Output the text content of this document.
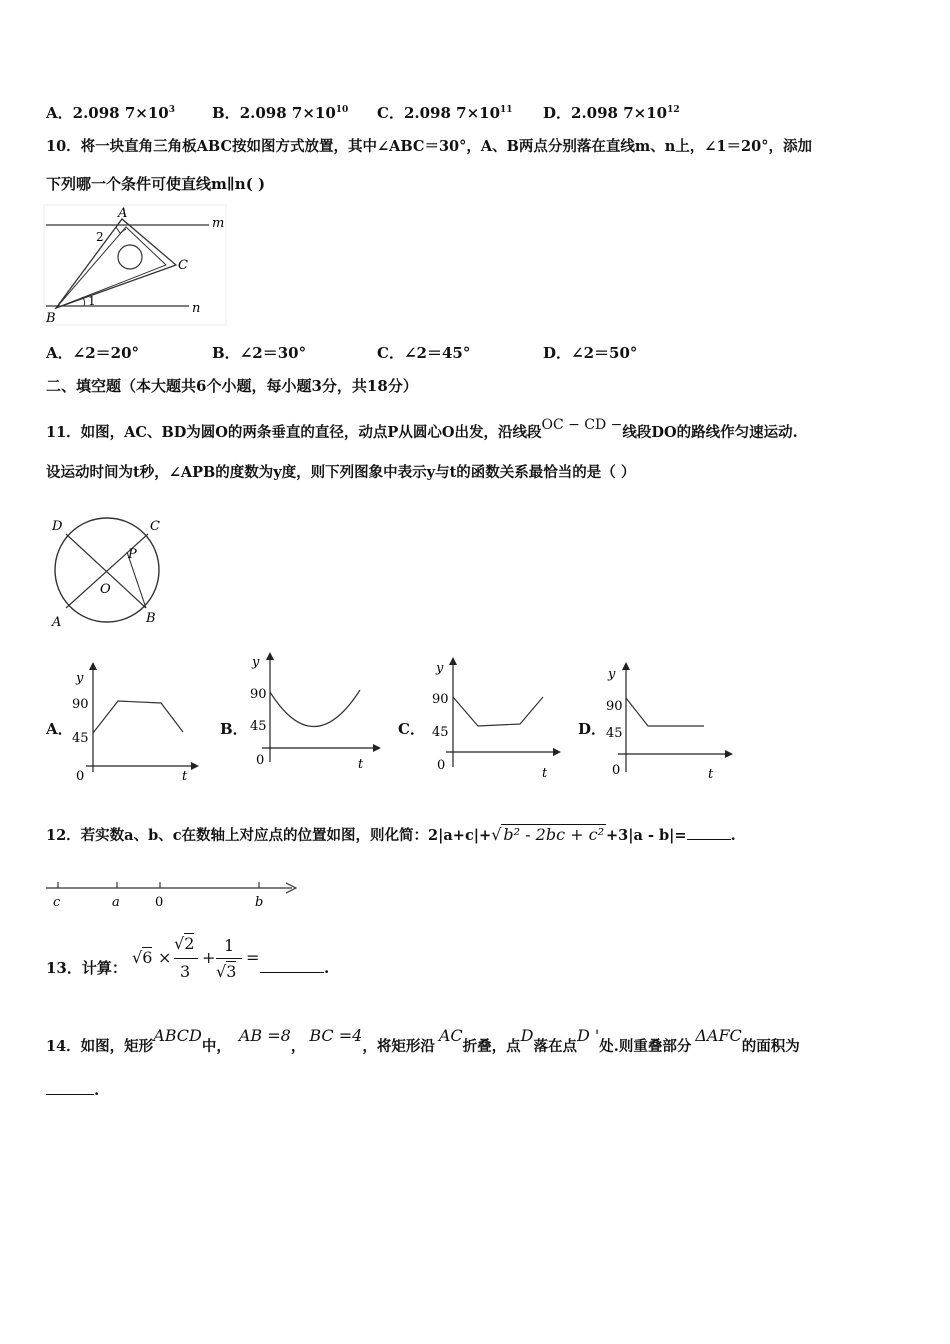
A．2.098 $7\times 10^3$ B．2.098 $7\times 10^{10}$ C．2.098 $7\times 10^{11}$ D．2.098 $7\times 10^{12}$
10．将一块直角三角板ABC按如图方式放置，其中∠ABC＝30°，A、B两点分别落在直线m、n上，∠1＝20°，添加
下列哪一个条件可使直线m∥n( )
A
B
C
m
n
1
2
A．∠2＝20°	B．∠2＝30°	C．∠2＝45°	D．∠2＝50°
二、填空题（本大题共6个小题，每小题3分，共18分）
11．如图，AC、BD为圆O的两条垂直的直径，动点P从圆心O出发，沿线段OC − CD −线段DO的路线作匀速运动.
设运动时间为t秒，∠APB的度数为y度，则下列图象中表示y与t的函数关系最恰当的是（ ）
D	C
P
O
A	B
A．
y
90
45
0	t
B．
y
90
45
0	t
C．
y
90
45
0
t
D．
y
90
45
0	t
12．若实数a、b、c在数轴上对应点的位置如图，则化简：2|a+c|+√ b² - 2bc + c² +3|a - b|=	.
c	a	0	b
13．计算：
√6 ×
√2
3
+
1
√3
=
.
14．如图，矩形ABCD中，AB =8，BC =4，将矩形沿AC折叠，点D落在点D '处.则重叠部分ΔAFC的面积为
.
